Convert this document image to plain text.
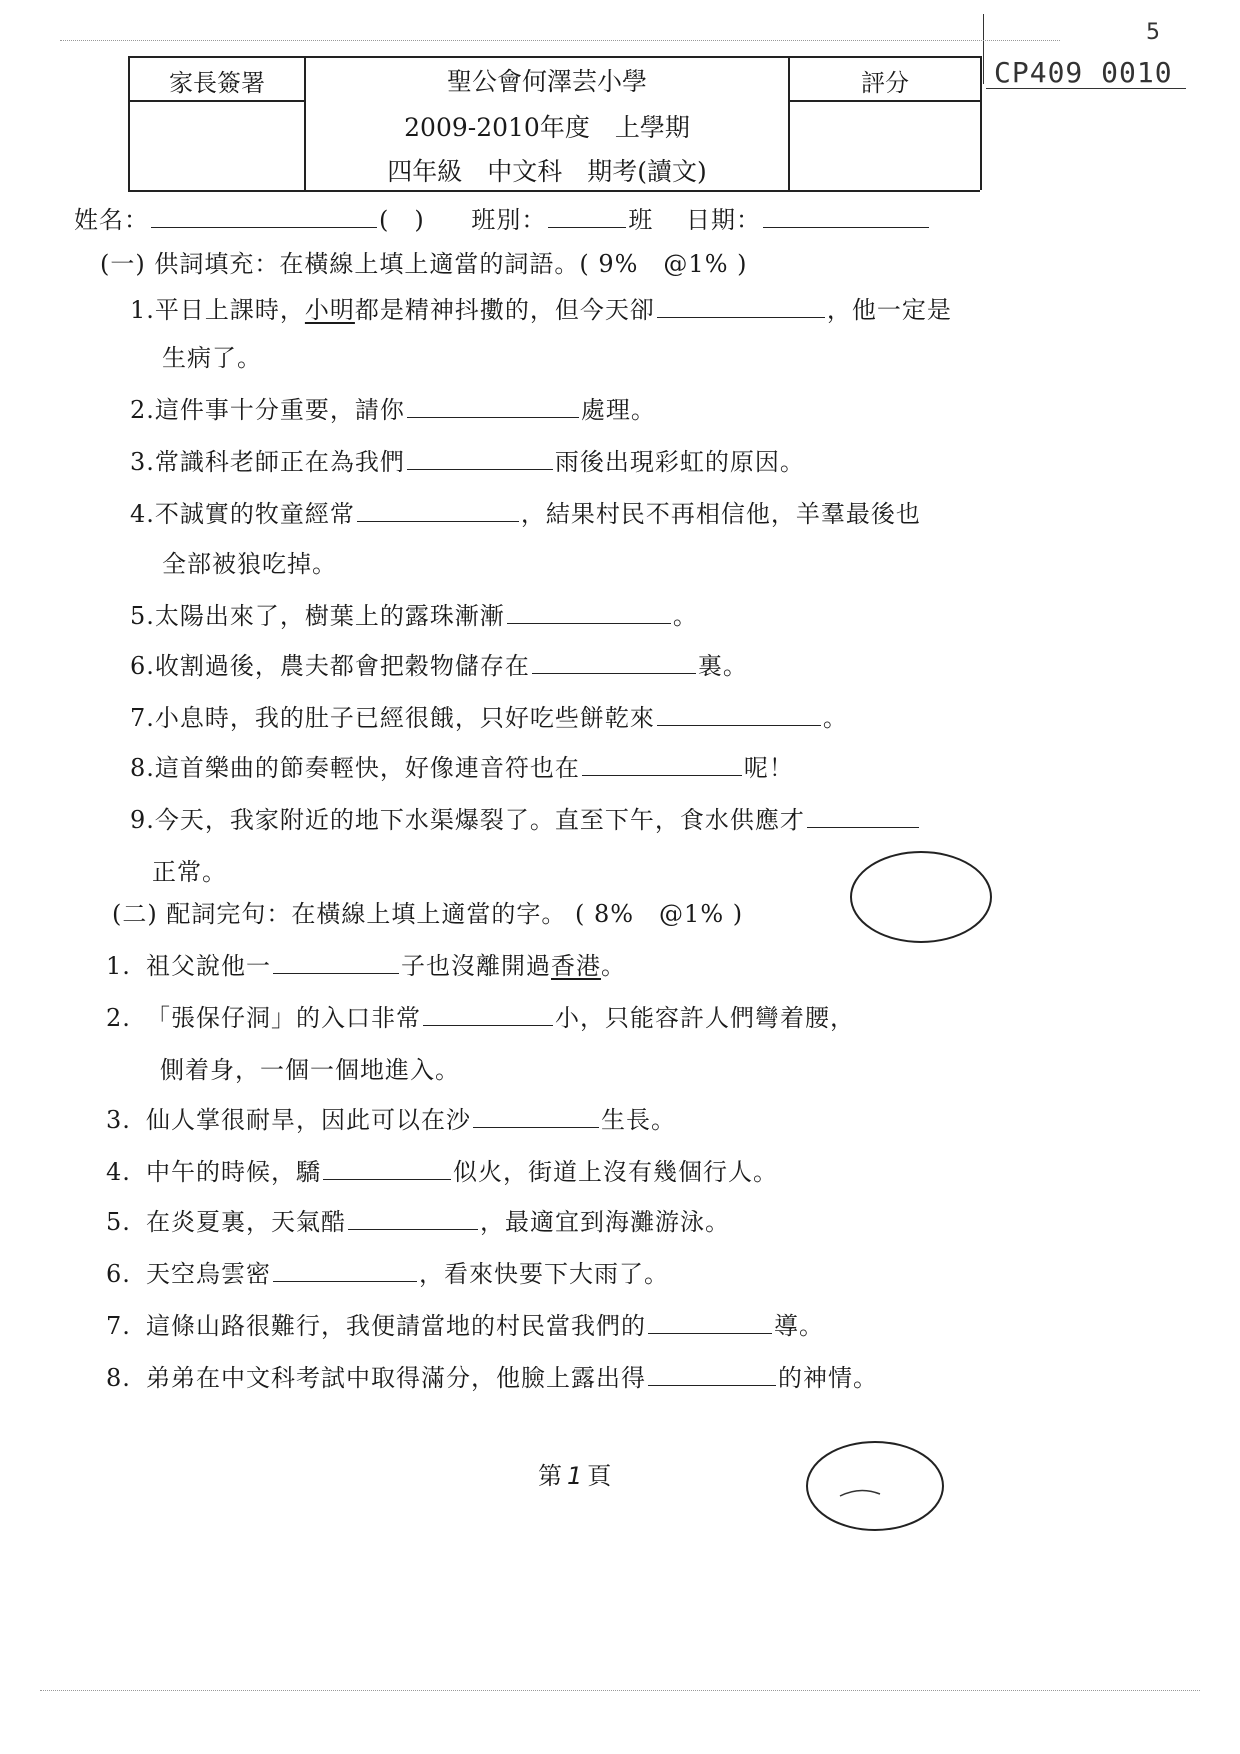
家長簽署	評分
聖公會何澤芸小學
2009-2010年度　上學期
四年級　中文科　期考(讀文)
5
CP409 0010
姓名：	(　) 班別：	班 日期：
(一) 供詞填充：在橫線上填上適當的詞語。( 9%　@1% )
1.平日上課時，小明都是精神抖擻的，但今天卻	，他一定是
生病了。
2.這件事十分重要，請你	處理。
3.常識科老師正在為我們	雨後出現彩虹的原因。
4.不誠實的牧童經常	，結果村民不再相信他，羊羣最後也
全部被狼吃掉。
5.太陽出來了，樹葉上的露珠漸漸	。
6.收割過後，農夫都會把穀物儲存在	裏。
7.小息時，我的肚子已經很餓，只好吃些餅乾來	。
8.這首樂曲的節奏輕快，好像連音符也在	呢！
9.今天，我家附近的地下水渠爆裂了。直至下午，食水供應才
正常。
(二) 配詞完句：在橫線上填上適當的字。 ( 8%　@1% )
1. 祖父說他一	子也沒離開過香港。
2. 「張保仔洞」的入口非常	小，只能容許人們彎着腰，
側着身，一個一個地進入。
3. 仙人掌很耐旱，因此可以在沙	生長。
4. 中午的時候，驕	似火，街道上沒有幾個行人。
5. 在炎夏裏，天氣酷	，最適宜到海灘游泳。
6. 天空烏雲密	，看來快要下大雨了。
7. 這條山路很難行，我便請當地的村民當我們的	導。
8. 弟弟在中文科考試中取得滿分，他臉上露出得	的神情。
第 1 頁
